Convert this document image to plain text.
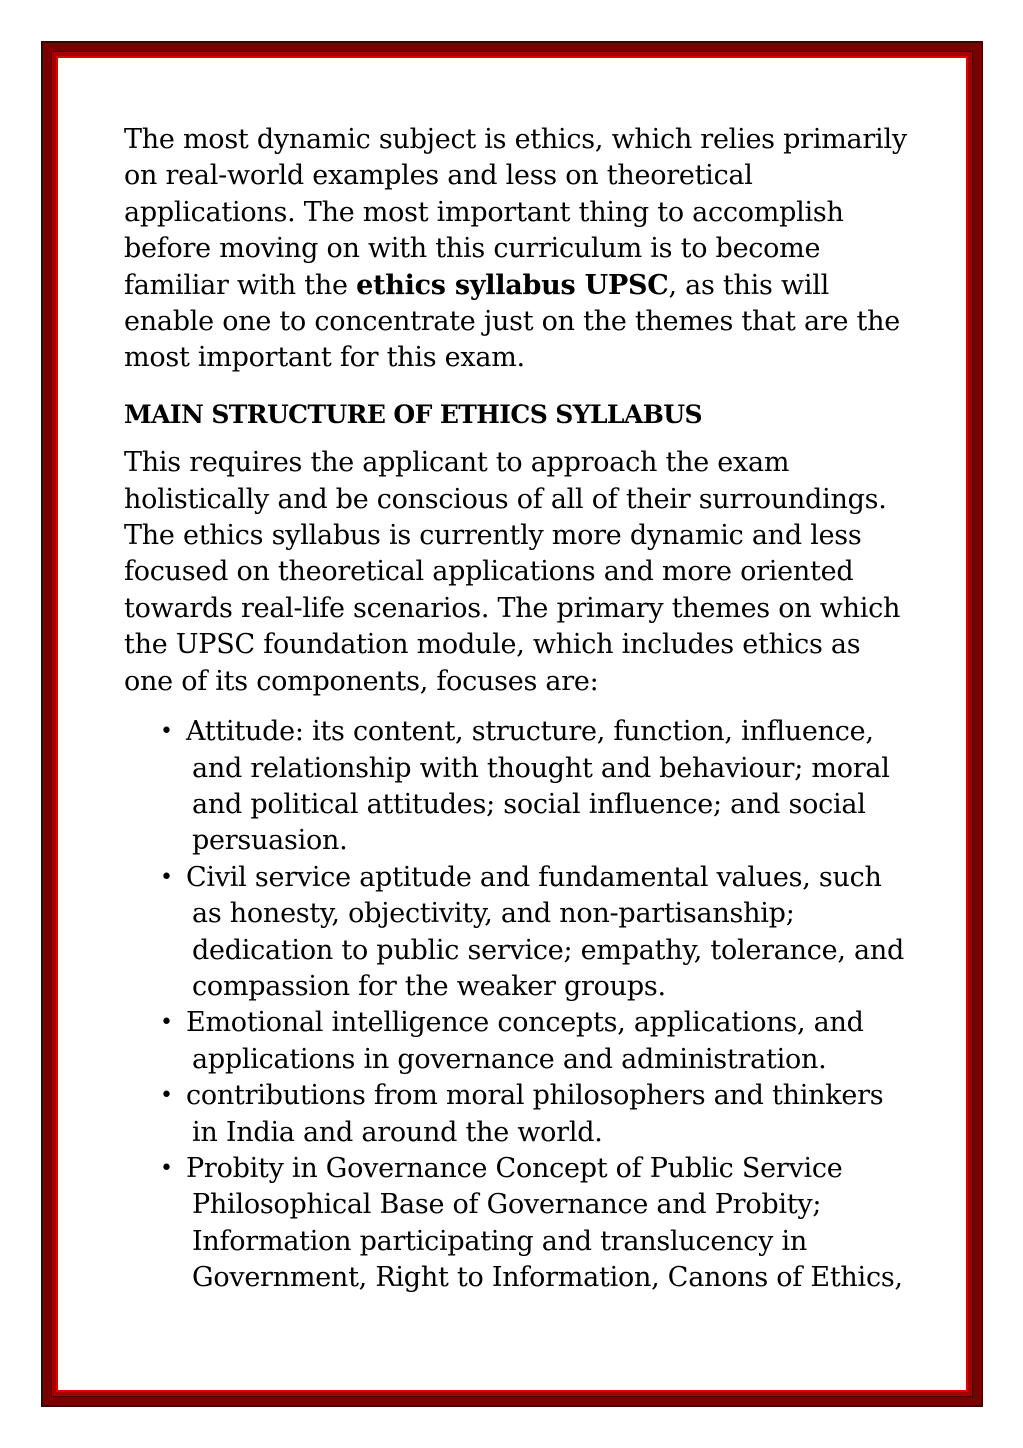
The most dynamic subject is ethics, which relies primarily on real-world examples and less on theoretical applications. The most important thing to accomplish before moving on with this curriculum is to become familiar with the ethics syllabus UPSC, as this will enable one to concentrate just on the themes that are the most important for this exam.

MAIN STRUCTURE OF ETHICS SYLLABUS

This requires the applicant to approach the exam holistically and be conscious of all of their surroundings. The ethics syllabus is currently more dynamic and less focused on theoretical applications and more oriented towards real-life scenarios. The primary themes on which the UPSC foundation module, which includes ethics as one of its components, focuses are:

• Attitude: its content, structure, function, influence, and relationship with thought and behaviour; moral and political attitudes; social influence; and social persuasion.
• Civil service aptitude and fundamental values, such as honesty, objectivity, and non-partisanship; dedication to public service; empathy, tolerance, and compassion for the weaker groups.
• Emotional intelligence concepts, applications, and applications in governance and administration.
• contributions from moral philosophers and thinkers in India and around the world.
• Probity in Governance Concept of Public Service Philosophical Base of Governance and Probity; Information participating and translucency in Government, Right to Information, Canons of Ethics,
